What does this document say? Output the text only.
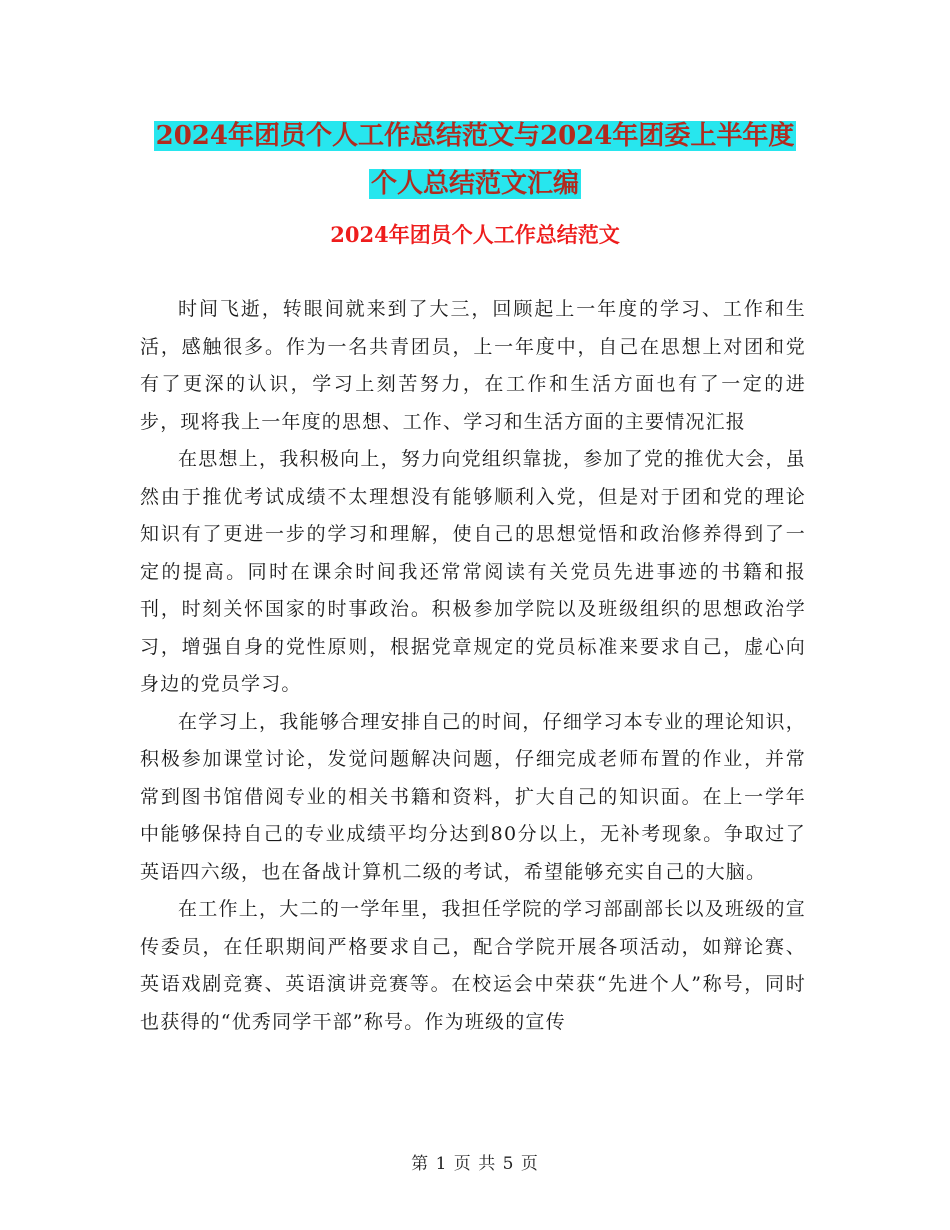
2024年团员个人工作总结范文与2024年团委上半年度
个人总结范文汇编
2024年团员个人工作总结范文

时间飞逝，转眼间就来到了大三，回顾起上一年度的学习、工作和生活，感触很多。作为一名共青团员，上一年度中，自己在思想上对团和党有了更深的认识，学习上刻苦努力，在工作和生活方面也有了一定的进步，现将我上一年度的思想、工作、学习和生活方面的主要情况汇报

在思想上，我积极向上，努力向党组织靠拢，参加了党的推优大会，虽然由于推优考试成绩不太理想没有能够顺利入党，但是对于团和党的理论知识有了更进一步的学习和理解，使自己的思想觉悟和政治修养得到了一定的提高。同时在课余时间我还常常阅读有关党员先进事迹的书籍和报刊，时刻关怀国家的时事政治。积极参加学院以及班级组织的思想政治学习，增强自身的党性原则，根据党章规定的党员标准来要求自己，虚心向身边的党员学习。

在学习上，我能够合理安排自己的时间，仔细学习本专业的理论知识，积极参加课堂讨论，发觉问题解决问题，仔细完成老师布置的作业，并常常到图书馆借阅专业的相关书籍和资料，扩大自己的知识面。在上一学年中能够保持自己的专业成绩平均分达到80分以上，无补考现象。争取过了英语四六级，也在备战计算机二级的考试，希望能够充实自己的大脑。

在工作上，大二的一学年里，我担任学院的学习部副部长以及班级的宣传委员，在任职期间严格要求自己，配合学院开展各项活动，如辩论赛、英语戏剧竞赛、英语演讲竞赛等。在校运会中荣获“先进个人”称号，同时也获得的“优秀同学干部”称号。作为班级的宣传

第 1 页 共 5 页
